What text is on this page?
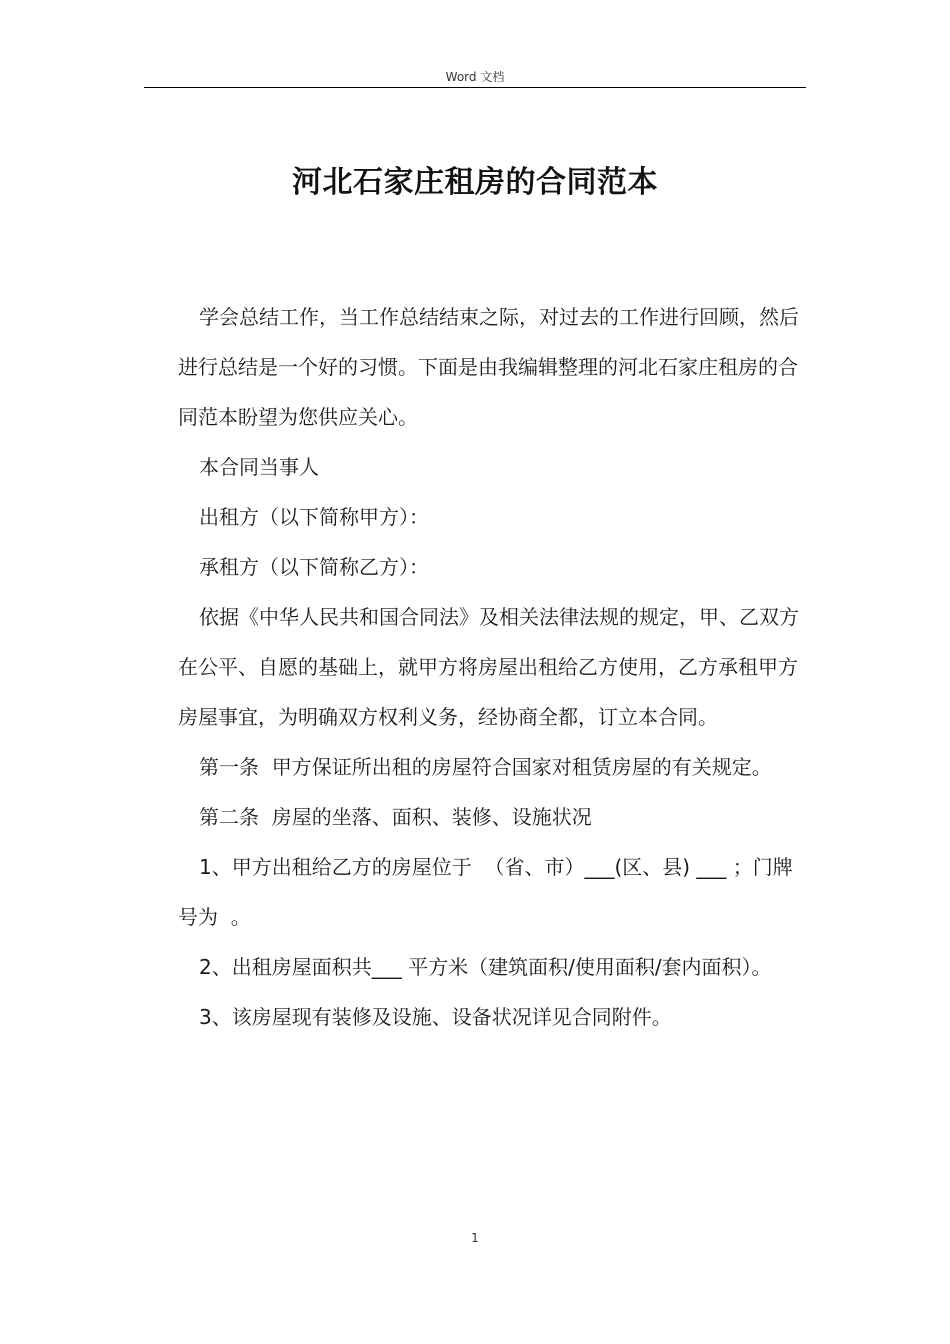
Word 文档
河北石家庄租房的合同范本

学会总结工作，当工作总结结束之际，对过去的工作进行回顾，然后进行总结是一个好的习惯。下面是由我编辑整理的河北石家庄租房的合同范本盼望为您供应关心。

本合同当事人

出租方（以下简称甲方）：

承租方（以下简称乙方）：

依据《中华人民共和国合同法》及相关法律法规的规定，甲、乙双方在公平、自愿的基础上，就甲方将房屋出租给乙方使用，乙方承租甲方房屋事宜，为明确双方权利义务，经协商全都，订立本合同。

第一条  甲方保证所出租的房屋符合国家对租赁房屋的有关规定。

第二条  房屋的坐落、面积、装修、设施状况

1、甲方出租给乙方的房屋位于  （省、市）___(区、县) ___ ；门牌号为  。

2、出租房屋面积共___ 平方米（建筑面积/使用面积/套内面积）。

3、该房屋现有装修及设施、设备状况详见合同附件。

1
